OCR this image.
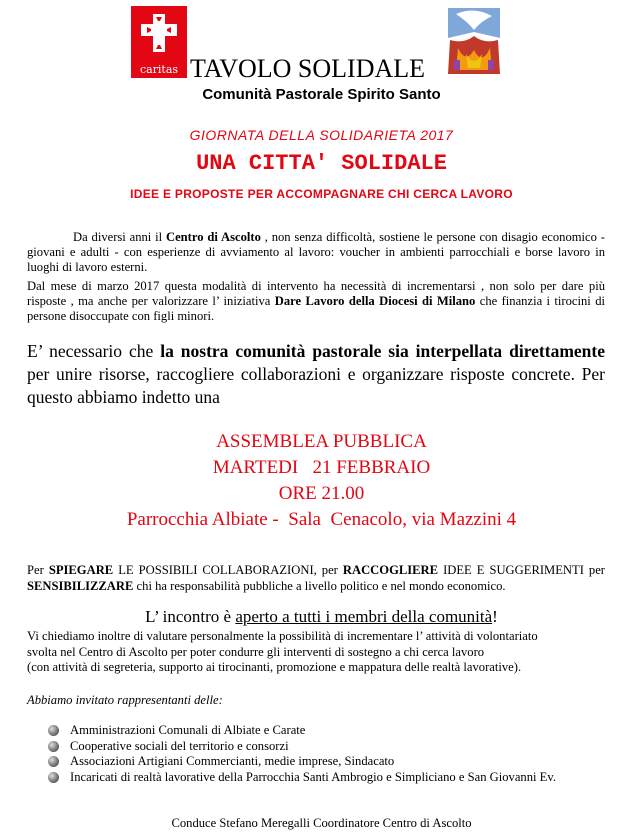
caritas TAVOLO SOLIDALE
Comunità Pastorale Spirito Santo
GIORNATA DELLA SOLIDARIETA 2017
UNA CITTA' SOLIDALE
IDEE E PROPOSTE PER ACCOMPAGNARE CHI CERCA LAVORO
Da diversi anni il Centro di Ascolto , non senza difficoltà, sostiene le persone con disagio economico - giovani e adulti - con esperienze di avviamento al lavoro: voucher in ambienti parrocchiali e borse lavoro in luoghi di lavoro esterni.
Dal mese di marzo 2017 questa modalità di intervento ha necessità di incrementarsi , non solo per dare più risposte , ma anche per valorizzare l’ iniziativa Dare Lavoro della Diocesi di Milano che finanzia i tirocini di persone disoccupate con figli minori.
E’ necessario che la nostra comunità pastorale sia interpellata direttamente per unire risorse, raccogliere collaborazioni e organizzare risposte concrete. Per questo abbiamo indetto una
ASSEMBLEA PUBBLICA
MARTEDI   21 FEBBRAIO
ORE 21.00
Parrocchia Albiate -  Sala  Cenacolo, via Mazzini 4
Per SPIEGARE LE POSSIBILI COLLABORAZIONI, per RACCOGLIERE IDEE E SUGGERIMENTI per SENSIBILIZZARE chi ha responsabilità pubbliche a livello politico e nel mondo economico.
L’ incontro è aperto a tutti i membri della comunità!
Vi chiediamo inoltre di valutare personalmente la possibilità di incrementare l’ attività di volontariato
svolta nel Centro di Ascolto per poter condurre gli interventi di sostegno a chi cerca lavoro
(con attività di segreteria, supporto ai tirocinanti, promozione e mappatura delle realtà lavorative).
Abbiamo invitato rappresentanti delle:
Amministrazioni Comunali di Albiate e Carate
Cooperative sociali del territorio e consorzi
Associazioni Artigiani Commercianti, medie imprese, Sindacato
Incaricati di realtà lavorative della Parrocchia Santi Ambrogio e Simpliciano e San Giovanni Ev.
Conduce Stefano Meregalli Coordinatore Centro di Ascolto
